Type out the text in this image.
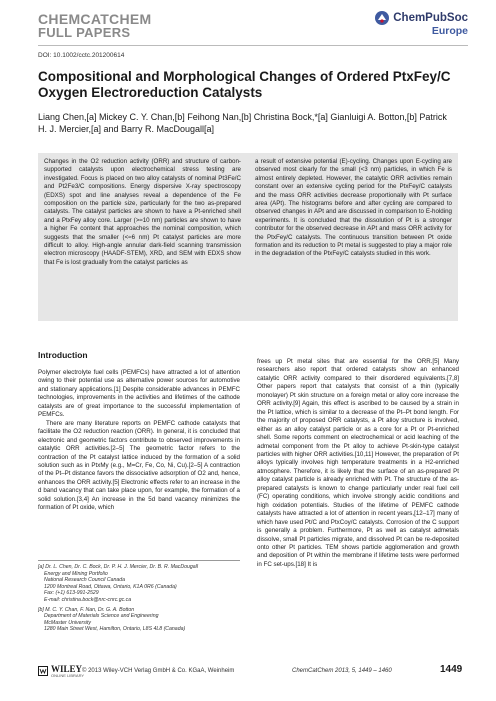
CHEMCATCHEM
FULL PAPERS
ChemPubSoc
Europe
DOI: 10.1002/cctc.201200614
Compositional and Morphological Changes of Ordered PtxFey/C Oxygen Electroreduction Catalysts
Liang Chen,[a] Mickey C. Y. Chan,[b] Feihong Nan,[b] Christina Bock,*[a] Gianluigi A. Botton,[b] Patrick H. J. Mercier,[a] and Barry R. MacDougall[a]
Changes in the O2 reduction activity (ORR) and structure of carbon-supported catalysts upon electrochemical stress testing are investigated. Focus is placed on two alloy catalysts of nominal Pt3Fe/C and Pt2Fe3/C compositions. Energy dispersive X-ray spectroscopy (EDXS) spot and line analyses reveal a dependence of the Fe composition on the particle size, particularly for the two as-prepared catalysts. The catalyst particles are shown to have a Pt-enriched shell and a PtxFey alloy core. Larger (>≈10 nm) particles are shown to have a higher Fe content that approaches the nominal composition, which suggests that the smaller (<≈6 nm) Pt catalyst particles are more difficult to alloy. High-angle annular dark-field scanning transmission electron microscopy (HAADF-STEM), XRD, and SEM with EDXS show that Fe is lost gradually from the catalyst particles as
a result of extensive potential (E)-cycling. Changes upon E-cycling are observed most clearly for the small (<3 nm) particles, in which Fe is almost entirely depleted. However, the catalytic ORR activities remain constant over an extensive cycling period for the PtxFey/C catalysts and the mass ORR activities decrease proportionally with Pt surface area (APt). The histograms before and after cycling are compared to observed changes in APt and are discussed in comparison to E-holding experiments. It is concluded that the dissolution of Pt is a stronger contributor for the observed decrease in APt and mass ORR activity for the PtxFey/C catalysts. The continuous transition between Pt oxide formation and its reduction to Pt metal is suggested to play a major role in the degradation of the PtxFey/C catalysts studied in this work.
Introduction

Polymer electrolyte fuel cells (PEMFCs) have attracted a lot of attention owing to their potential use as alternative power sources for automotive and stationary applications.[1] Despite considerable advances in PEMFC technologies, improvements in the activities and lifetimes of the cathode catalysts are of great importance to the successful implementation of PEMFCs.

There are many literature reports on PEMFC cathode catalysts that facilitate the O2 reduction reaction (ORR). In general, it is concluded that electronic and geometric factors contribute to observed improvements in catalytic ORR activities.[2–5] The geometric factor refers to the contraction of the Pt catalyst lattice induced by the formation of a solid solution such as in PtxMy (e.g., M=Cr, Fe, Co, Ni, Cu).[2–5] A contraction of the Pt–Pt distance favors the dissociative adsorption of O2 and, hence, enhances the ORR activity.[5] Electronic effects refer to an increase in the d band vacancy that can take place upon, for example, the formation of a solid solution.[3,4] An increase in the 5d band vacancy minimizes the formation of Pt oxide, which

[a] Dr. L. Chen, Dr. C. Bock, Dr. P. H. J. Mercier, Dr. B. R. MacDougall
Energy and Mining Portfolio
National Research Council Canada
1200 Montreal Road, Ottawa, Ontario, K1A 0R6 (Canada)
Fax: (+1) 613-991-2529
E-mail: christina.bock@nrc-cnrc.gc.ca
[b] M. C. Y. Chan, F. Nan, Dr. G. A. Botton
Department of Materials Science and Engineering
McMaster University
1280 Main Street West, Hamilton, Ontario, L8S 4L8 (Canada)

frees up Pt metal sites that are essential for the ORR.[5] Many researchers also report that ordered catalysts show an enhanced catalytic ORR activity compared to their disordered equivalents.[7,8] Other papers report that catalysts that consist of a thin (typically monolayer) Pt skin structure on a foreign metal or alloy core increase the ORR activity.[9] Again, this effect is ascribed to be caused by a strain in the Pt lattice, which is similar to a decrease of the Pt–Pt bond length. For the majority of proposed ORR catalysts, a Pt alloy structure is involved, either as an alloy catalyst particle or as a core for a Pt or Pt-enriched shell. Some reports comment on electrochemical or acid leaching of the admetal component from the Pt alloy to achieve Pt-skin-type catalyst particles with higher ORR activities.[10,11] However, the preparation of Pt alloys typically involves high temperature treatments in a H2-enriched atmosphere. Therefore, it is likely that the surface of an as-prepared Pt alloy catalyst particle is already enriched with Pt. The structure of the as-prepared catalysts is known to change particularly under real fuel cell (FC) operating conditions, which involve strongly acidic conditions and high oxidation potentials. Studies of the lifetime of PEMFC cathode catalysts have attracted a lot of attention in recent years,[12–17] many of which have used Pt/C and PtxCoy/C catalysts. Corrosion of the C support is generally a problem. Furthermore, Pt as well as catalyst admetals dissolve, small Pt particles migrate, and dissolved Pt can be re-deposited onto other Pt particles. TEM shows particle agglomeration and growth and deposition of Pt within the membrane if lifetime tests were performed in FC set-ups.[18] It is

WILEY
ONLINE LIBRARY
© 2013 Wiley-VCH Verlag GmbH & Co. KGaA, Weinheim	ChemCatChem 2013, 5, 1449 – 1460	1449
